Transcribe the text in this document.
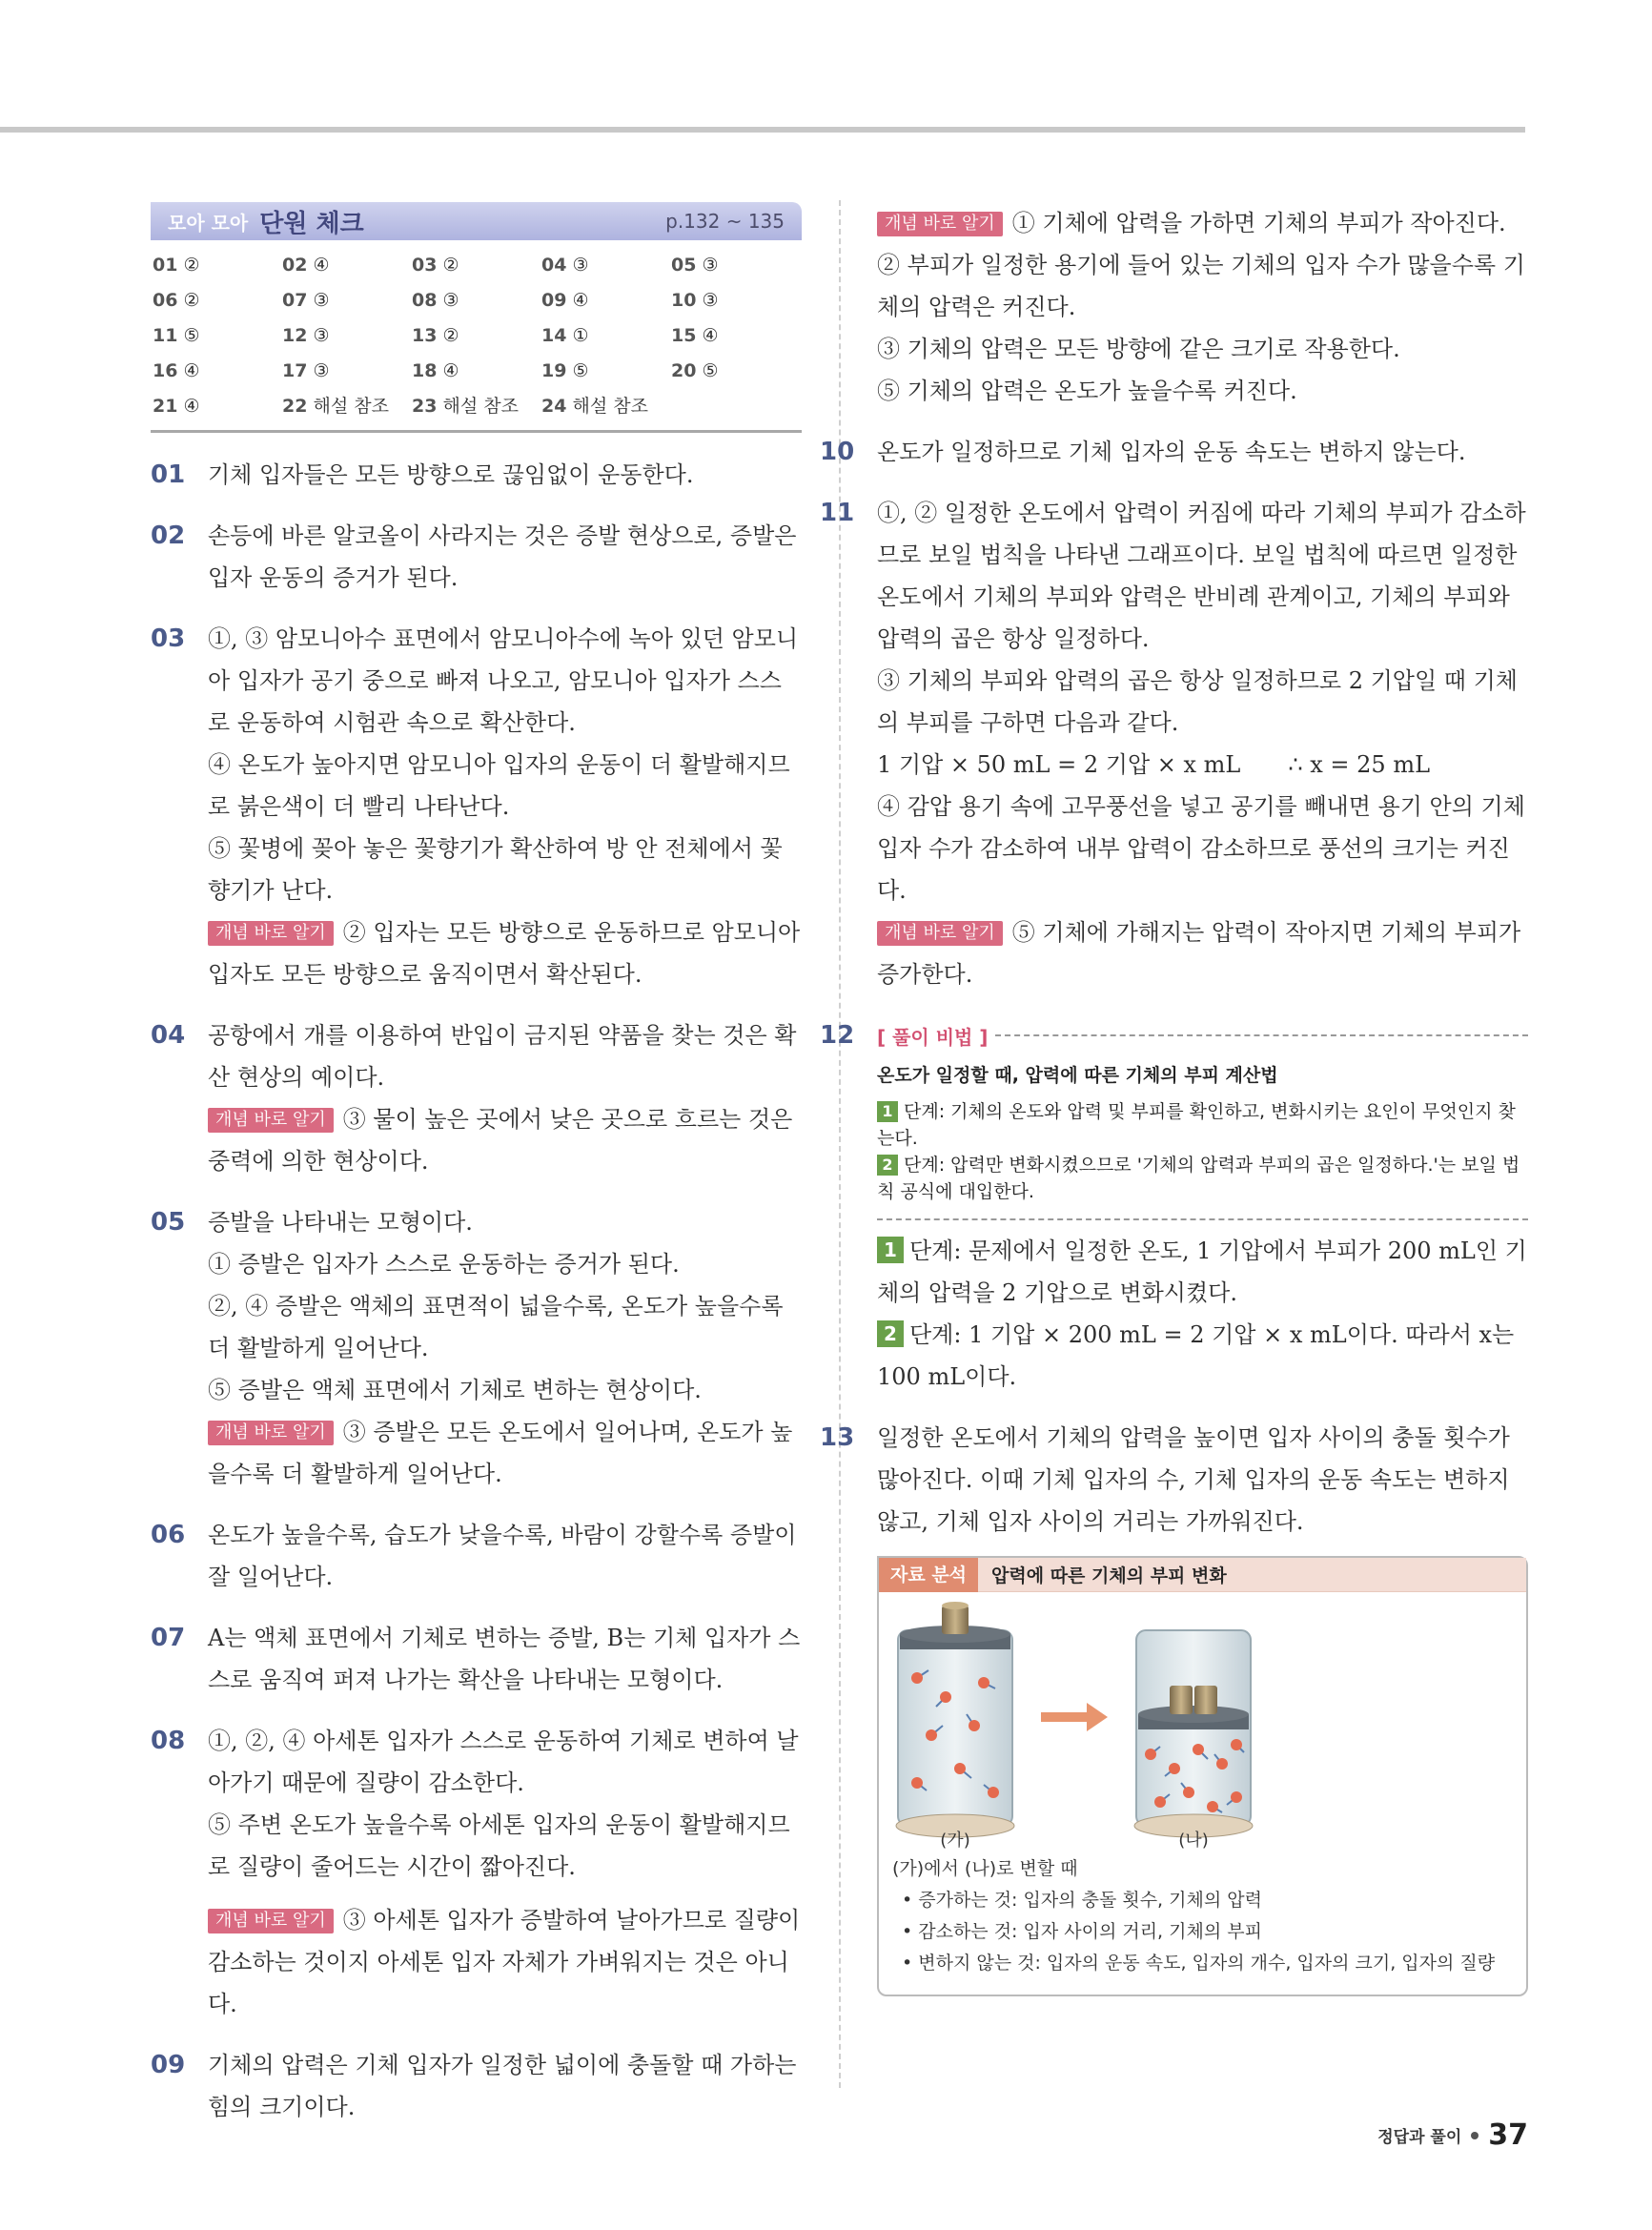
모아 모아 단원 체크	p.132 ~ 135
01 ②	02 ④	03 ②	04 ③	05 ③
06 ②	07 ③	08 ③	09 ④	10 ③
11 ⑤	12 ③	13 ②	14 ①	15 ④
16 ④	17 ③	18 ④	19 ⑤	20 ⑤
21 ④	22 해설 참조	23 해설 참조	24 해설 참조
01 기체 입자들은 모든 방향으로 끊임없이 운동한다.

02 손등에 바른 알코올이 사라지는 것은 증발 현상으로, 증발은 입자 운동의 증거가 된다.

03 ①, ③ 암모니아수 표면에서 암모니아수에 녹아 있던 암모니아 입자가 공기 중으로 빠져 나오고, 암모니아 입자가 스스로 운동하여 시험관 속으로 확산한다.

④ 온도가 높아지면 암모니아 입자의 운동이 더 활발해지므로 붉은색이 더 빨리 나타난다.

⑤ 꽃병에 꽂아 놓은 꽃향기가 확산하여 방 안 전체에서 꽃향기가 난다.

개념 바로 알기 ② 입자는 모든 방향으로 운동하므로 암모니아 입자도 모든 방향으로 움직이면서 확산된다.

04 공항에서 개를 이용하여 반입이 금지된 약품을 찾는 것은 확산 현상의 예이다.

개념 바로 알기 ③ 물이 높은 곳에서 낮은 곳으로 흐르는 것은 중력에 의한 현상이다.

05 증발을 나타내는 모형이다.

① 증발은 입자가 스스로 운동하는 증거가 된다.

②, ④ 증발은 액체의 표면적이 넓을수록, 온도가 높을수록 더 활발하게 일어난다.

⑤ 증발은 액체 표면에서 기체로 변하는 현상이다.

개념 바로 알기 ③ 증발은 모든 온도에서 일어나며, 온도가 높을수록 더 활발하게 일어난다.

06 온도가 높을수록, 습도가 낮을수록, 바람이 강할수록 증발이 잘 일어난다.

07 A는 액체 표면에서 기체로 변하는 증발, B는 기체 입자가 스스로 움직여 퍼져 나가는 확산을 나타내는 모형이다.

08 ①, ②, ④ 아세톤 입자가 스스로 운동하여 기체로 변하여 날아가기 때문에 질량이 감소한다.

⑤ 주변 온도가 높을수록 아세톤 입자의 운동이 활발해지므로 질량이 줄어드는 시간이 짧아진다.

개념 바로 알기 ③ 아세톤 입자가 증발하여 날아가므로 질량이 감소하는 것이지 아세톤 입자 자체가 가벼워지는 것은 아니다.

09 기체의 압력은 기체 입자가 일정한 넓이에 충돌할 때 가하는 힘의 크기이다.

개념 바로 알기 ① 기체에 압력을 가하면 기체의 부피가 작아진다.

② 부피가 일정한 용기에 들어 있는 기체의 입자 수가 많을수록 기체의 압력은 커진다.

③ 기체의 압력은 모든 방향에 같은 크기로 작용한다.

⑤ 기체의 압력은 온도가 높을수록 커진다.

10 온도가 일정하므로 기체 입자의 운동 속도는 변하지 않는다.

11 ①, ② 일정한 온도에서 압력이 커짐에 따라 기체의 부피가 감소하므로 보일 법칙을 나타낸 그래프이다. 보일 법칙에 따르면 일정한 온도에서 기체의 부피와 압력은 반비례 관계이고, 기체의 부피와 압력의 곱은 항상 일정하다.

③ 기체의 부피와 압력의 곱은 항상 일정하므로 2 기압일 때 기체의 부피를 구하면 다음과 같다.

1 기압 × 50 mL = 2 기압 × x mL ∴ x = 25 mL

④ 감압 용기 속에 고무풍선을 넣고 공기를 빼내면 용기 안의 기체 입자 수가 감소하여 내부 압력이 감소하므로 풍선의 크기는 커진다.

개념 바로 알기 ⑤ 기체에 가해지는 압력이 작아지면 기체의 부피가 증가한다.

12 [ 풀이 비법 ]
온도가 일정할 때, 압력에 따른 기체의 부피 계산법
1 단계: 기체의 온도와 압력 및 부피를 확인하고, 변화시키는 요인이 무엇인지 찾는다.
2 단계: 압력만 변화시켰으므로 '기체의 압력과 부피의 곱은 일정하다.'는 보일 법칙 공식에 대입한다.

1 단계: 문제에서 일정한 온도, 1 기압에서 부피가 200 mL인 기체의 압력을 2 기압으로 변화시켰다.

2 단계: 1 기압 × 200 mL = 2 기압 × x mL이다. 따라서 x는 100 mL이다.

13 일정한 온도에서 기체의 압력을 높이면 입자 사이의 충돌 횟수가 많아진다. 이때 기체 입자의 수, 기체 입자의 운동 속도는 변하지 않고, 기체 입자 사이의 거리는 가까워진다.

자료 분석	압력에 따른 기체의 부피 변화
(가)	(나)
(가)에서 (나)로 변할 때
• 증가하는 것: 입자의 충돌 횟수, 기체의 압력
• 감소하는 것: 입자 사이의 거리, 기체의 부피
• 변하지 않는 것: 입자의 운동 속도, 입자의 개수, 입자의 크기, 입자의 질량
정답과 풀이 37
